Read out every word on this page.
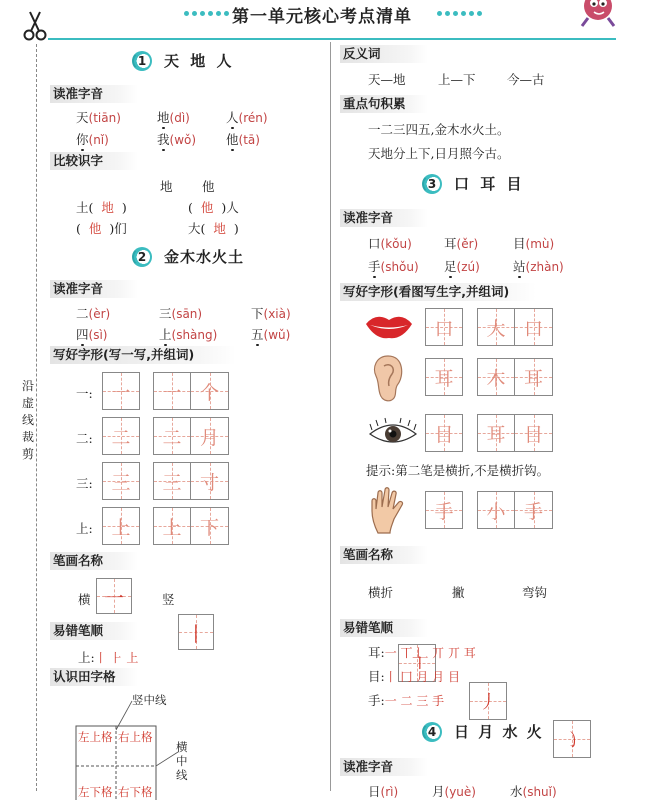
第一单元核心考点清单
沿虚线裁剪
1	天 地 人
读准字音
天(tiān)	地(dì)	人(rén)
你(nǐ)	我(wǒ) 他(tā)
比较识字
地 他
土( 地 )	( 他 )人
( 他 )们	大( 地 )
2	金木水火土
读准字音
二(èr)	三(sān)	下(xià)
四(sì)	上(shàng)	五(wǔ)
写好字形(写一写,并组词)
一: 一 一 个
二: 二 二 月
三: 三 三 寸
上: 上 上 下
笔画名称
横 一	竖
丨
易错笔顺
上:丨 ⺊ 上
认识田字格
竖中线
左上格 右上格
左下格 右下格
横中线
反义词
天—地	上—下	今—古
重点句积累
一二三四五,金木水火土。
天地分上下,日月照今古。
3	口 耳 目
读准字音
口(kǒu)	耳(ěr)	目(mù)
手(shǒu) 足(zú)	站(zhàn)
写好字形(看图写生字,并组词)
口 大 口
耳 木 耳
目 耳 目
提示:第二笔是横折,不是横折钩。
手 小 手
笔画名称
横折
㇕
撇
丿
弯钩
㇁
易错笔顺
耳:一 丅 𠃊 丌 丌 耳
目:丨 冂 月 月 目
手:一 二 三 手
4	日 月 水 火
读准字音
日(rì)	月(yuè)	水(shuǐ)
